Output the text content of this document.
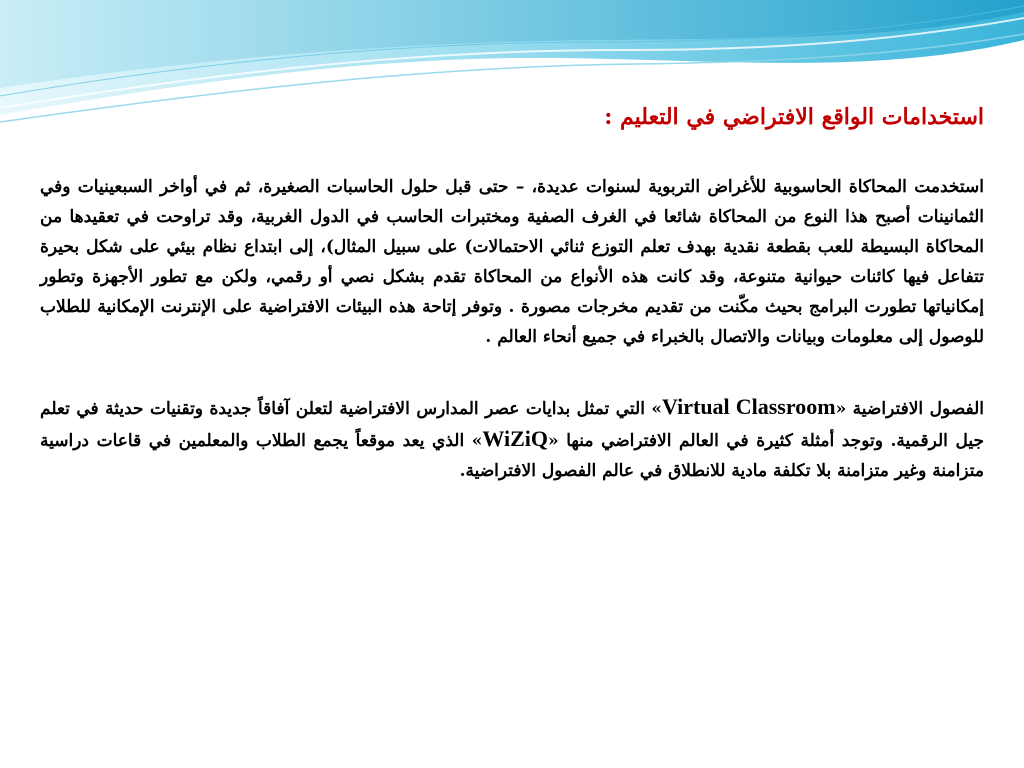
استخدامات الواقع الافتراضي في التعليم :

استخدمت المحاكاة الحاسوبية للأغراض التربوية لسنوات عديدة، – حتى قبل حلول الحاسبات الصغيرة، ثم في أواخر السبعينيات وفي الثمانينات أصبح هذا النوع من المحاكاة شائعا في الغرف الصفية ومختبرات الحاسب في الدول الغربية، وقد تراوحت في تعقيدها من المحاكاة البسيطة للعب بقطعة نقدية بهدف تعلم التوزع ثنائي الاحتمالات) على سبيل المثال)، إلى ابتداع نظام بيئي على شكل بحيرة تتفاعل فيها كائنات حيوانية متنوعة، وقد كانت هذه الأنواع من المحاكاة تقدم بشكل نصي أو رقمي، ولكن مع تطور الأجهزة وتطور إمكانياتها تطورت البرامج بحيث مكّنت من تقديم مخرجات مصورة . وتوفر إتاحة هذه البيئات الافتراضية على الإنترنت الإمكانية للطلاب للوصول إلى معلومات وبيانات والاتصال بالخبراء في جميع أنحاء العالم .

الفصول الافتراضية «Virtual Classroom» التي تمثل بدايات عصر المدارس الافتراضية لتعلن آفاقاً جديدة وتقنيات حديثة في تعلم جيل الرقمية. وتوجد أمثلة كثيرة في العالم الافتراضي منها «WiZiQ» الذي يعد موقعاً يجمع الطلاب والمعلمين في قاعات دراسية متزامنة وغير متزامنة بلا تكلفة مادية للانطلاق في عالم الفصول الافتراضية.
